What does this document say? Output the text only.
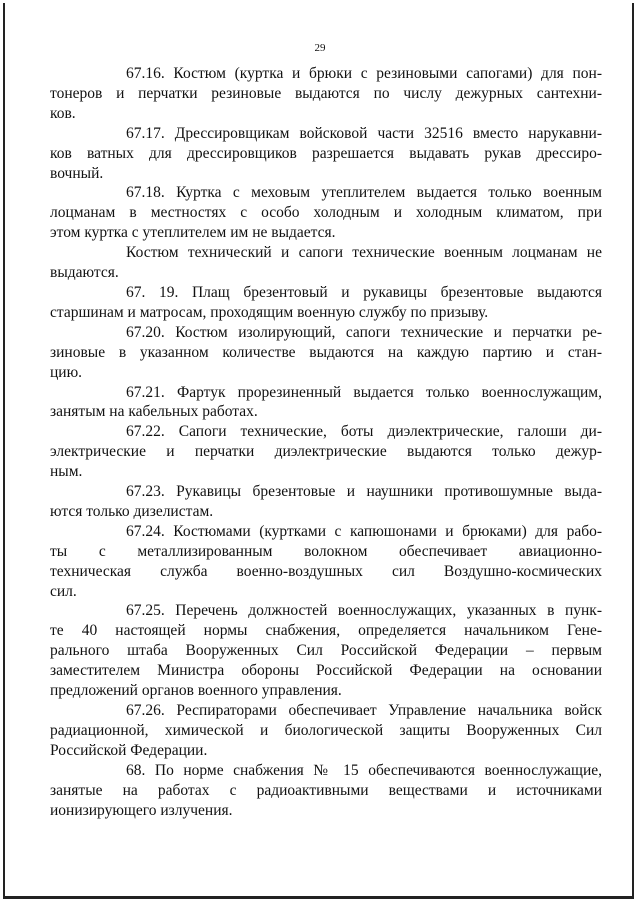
29
67.16. Костюм (куртка и брюки с резиновыми сапогами) для пон-
тонеров и перчатки резиновые выдаются по числу дежурных сантехни-
ков.
67.17. Дрессировщикам войсковой части 32516 вместо нарукавни-
ков ватных для дрессировщиков разрешается выдавать рукав дрессиро-
вочный.
67.18. Куртка с меховым утеплителем выдается только военным
лоцманам в местностях с особо холодным и холодным климатом, при
этом куртка с утеплителем им не выдается.
Костюм технический и сапоги технические военным лоцманам не
выдаются.
67. 19. Плащ брезентовый и рукавицы брезентовые выдаются
старшинам и матросам, проходящим военную службу по призыву.
67.20. Костюм изолирующий, сапоги технические и перчатки ре-
зиновые в указанном количестве выдаются на каждую партию и стан-
цию.
67.21. Фартук прорезиненный выдается только военнослужащим,
занятым на кабельных работах.
67.22. Сапоги технические, боты диэлектрические, галоши ди-
электрические и перчатки диэлектрические выдаются только дежур-
ным.
67.23. Рукавицы брезентовые и наушники противошумные выда-
ются только дизелистам.
67.24. Костюмами (куртками с капюшонами и брюками) для рабо-
ты с металлизированным волокном обеспечивает авиационно-
техническая служба военно-воздушных сил Воздушно-космических
сил.
67.25. Перечень должностей военнослужащих, указанных в пунк-
те 40 настоящей нормы снабжения, определяется начальником Гене-
рального штаба Вооруженных Сил Российской Федерации – первым
заместителем Министра обороны Российской Федерации на основании
предложений органов военного управления.
67.26. Респираторами обеспечивает Управление начальника войск
радиационной, химической и биологической защиты Вооруженных Сил
Российской Федерации.
68. По норме снабжения № 15 обеспечиваются военнослужащие,
занятые на работах с радиоактивными веществами и источниками
ионизирующего излучения.
